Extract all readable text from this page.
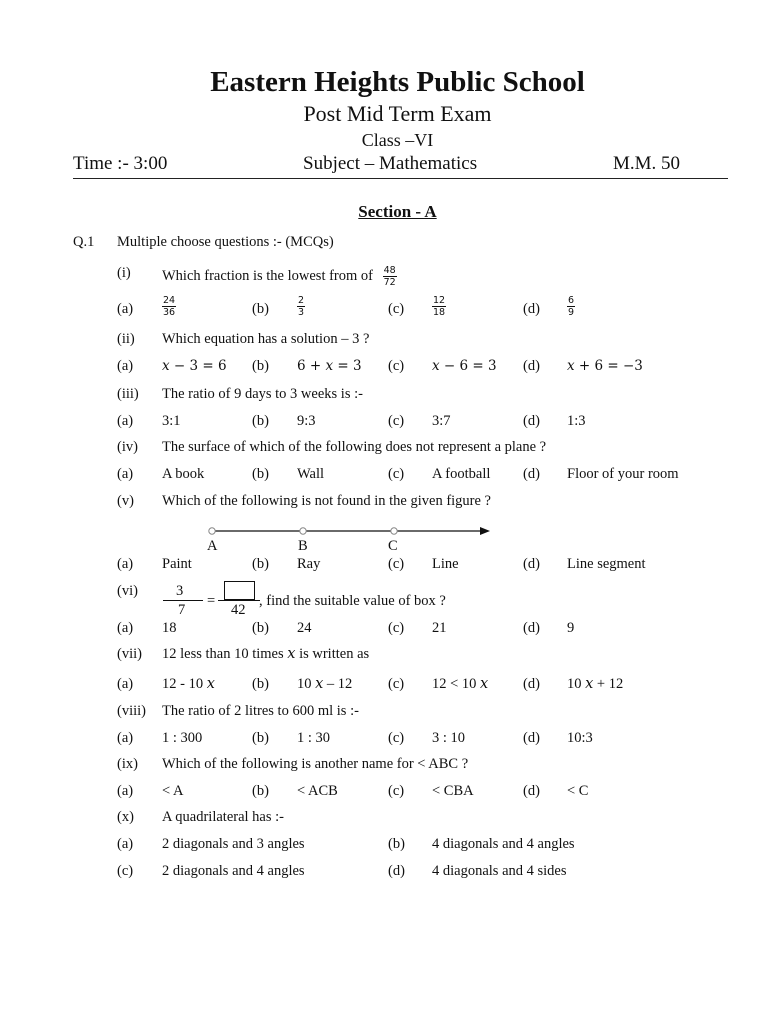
Eastern Heights Public School
Post Mid Term Exam
Class –VI
Time :- 3:00	Subject – Mathematics	M.M. 50
Section - A
Q.1 Multiple choose questions :- (MCQs)
(i) Which fraction is the lowest from of $\frac{48}{72}$
(a)	$\frac{24}{36}$	(b)	$\frac{2}{3}$	(c)	$\frac{12}{18}$	(d)	$\frac{6}{9}$
(ii) Which equation has a solution – 3 ?
(a) 𝑥 − 3 = 6 (b) 6 + 𝑥 = 3 (c) 𝑥 − 6 = 3 (d) 𝑥 + 6 = −3
(iii) The ratio of 9 days to 3 weeks is :-
(a) 3:1	(b) 9:3	(c) 3:7	(d) 1:3
(iv) The surface of which of the following does not represent a plane ?
(a) A book	(b) Wall	(c) A football (d) Floor of your room
(v) Which of the following is not found in the given figure ?
A	B	C
(a) Paint	(b) Ray	(c) Line	(d) Line segment
(vi)	3
7
=
42
, find the suitable value of box ?
(a) 18	(b) 24	(c) 21	(d) 9
(vii) 12 less than 10 times 𝑥 is written as
(a) 12 - 10 𝑥	(b) 10 𝑥 – 12 (c) 12 < 10 𝑥 (d) 10 𝑥 + 12
(viii) The ratio of 2 litres to 600 ml is :-
(a) 1 : 300	(b) 1 : 30	(c) 3 : 10	(d) 10:3
(ix) Which of the following is another name for < ABC ?
(a) < A	(b) < ACB	(c) < CBA	(d) < C
(x) A quadrilateral has :-
(a) 2 diagonals and 3 angles	(b) 4 diagonals and 4 angles
(c) 2 diagonals and 4 angles	(d) 4 diagonals and 4 sides
